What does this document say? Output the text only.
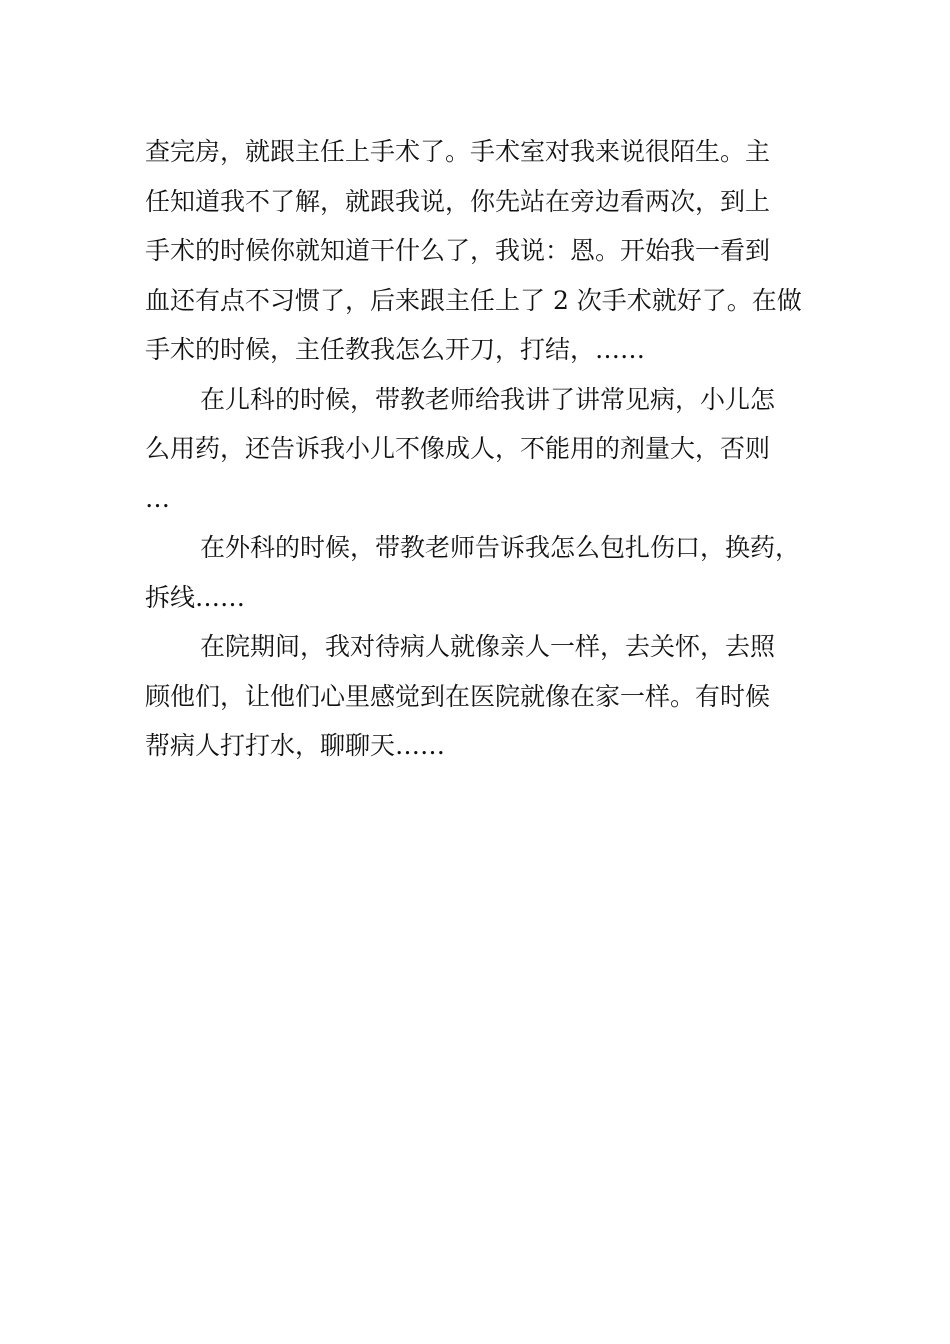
查完房，就跟主任上手术了。手术室对我来说很陌生。主
任知道我不了解，就跟我说，你先站在旁边看两次，到上
手术的时候你就知道干什么了，我说：恩。开始我一看到
血还有点不习惯了，后来跟主任上了 2 次手术就好了。在做
手术的时候，主任教我怎么开刀，打结，……
在儿科的时候，带教老师给我讲了讲常见病，小儿怎
么用药，还告诉我小儿不像成人，不能用的剂量大，否则
…
在外科的时候，带教老师告诉我怎么包扎伤口，换药，
拆线……
在院期间，我对待病人就像亲人一样，去关怀，去照
顾他们，让他们心里感觉到在医院就像在家一样。有时候
帮病人打打水，聊聊天……
